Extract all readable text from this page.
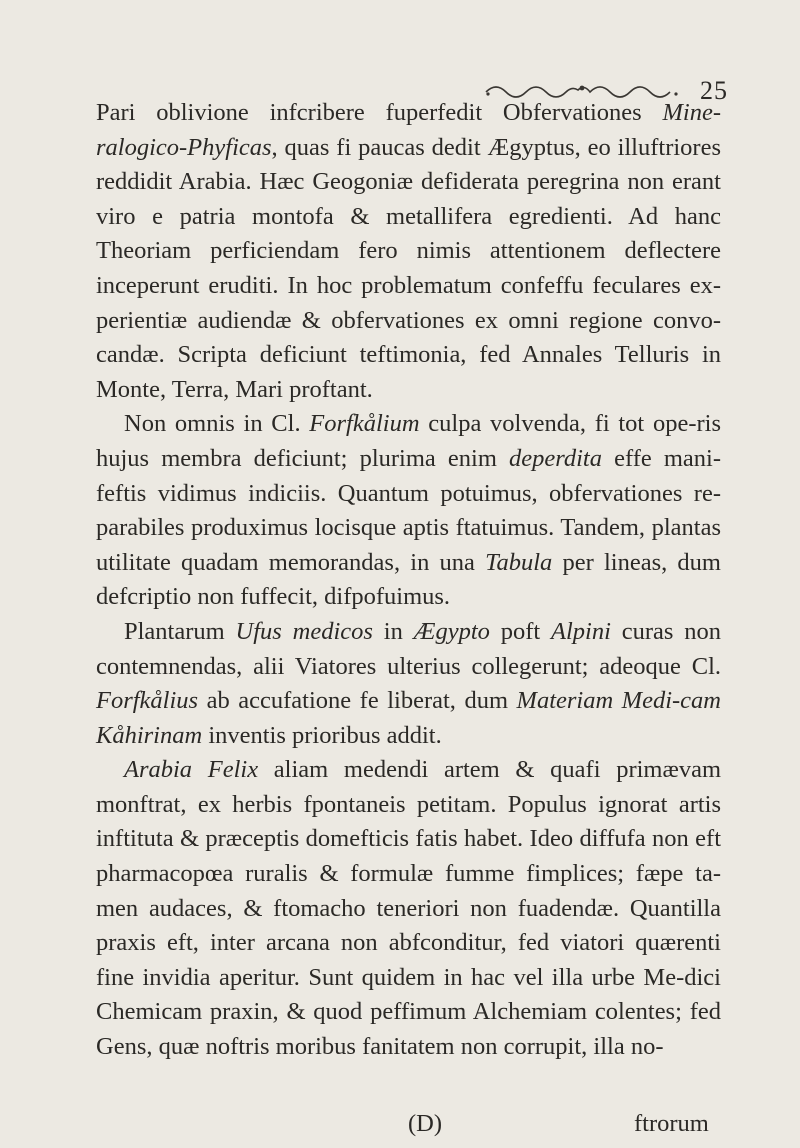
25

Pari oblivione infcribere fuperfedit Obfervationes Mine-ralogico-Phyficas, quas fi paucas dedit Ægyptus, eo illuftriores reddidit Arabia. Hæc Geogoniæ defiderata peregrina non erant viro e patria montofa & metallifera egredienti. Ad hanc Theoriam perficiendam fero nimis attentionem deflectere inceperunt eruditi. In hoc problematum confeffu feculares ex-perientiæ audiendæ & obfervationes ex omni regione convo-candæ. Scripta deficiunt teftimonia, fed Annales Telluris in Monte, Terra, Mari proftant.

Non omnis in Cl. Forfkålium culpa volvenda, fi tot ope-ris hujus membra deficiunt; plurima enim deperdita effe mani-feftis vidimus indiciis. Quantum potuimus, obfervationes re-parabiles produximus locisque aptis ftatuimus. Tandem, plantas utilitate quadam memorandas, in una Tabula per lineas, dum defcriptio non fuffecit, difpofuimus.

Plantarum Ufus medicos in Ægypto poft Alpini curas non contemnendas, alii Viatores ulterius collegerunt; adeoque Cl. Forfkålius ab accufatione fe liberat, dum Materiam Medi-cam Kåhirinam inventis prioribus addit.

Arabia Felix aliam medendi artem & quafi primævam monftrat, ex herbis fpontaneis petitam. Populus ignorat artis inftituta & præceptis domefticis fatis habet. Ideo diffufa non eft pharmacopœa ruralis & formulæ fumme fimplices; fæpe ta-men audaces, & ftomacho teneriori non fuadendæ. Quantilla praxis eft, inter arcana non abfconditur, fed viatori quærenti fine invidia aperitur. Sunt quidem in hac vel illa urbe Me-dici Chemicam praxin, & quod peffimum Alchemiam colentes; fed Gens, quæ noftris moribus fanitatem non corrupit, illa no-

(D)	ftrorum
